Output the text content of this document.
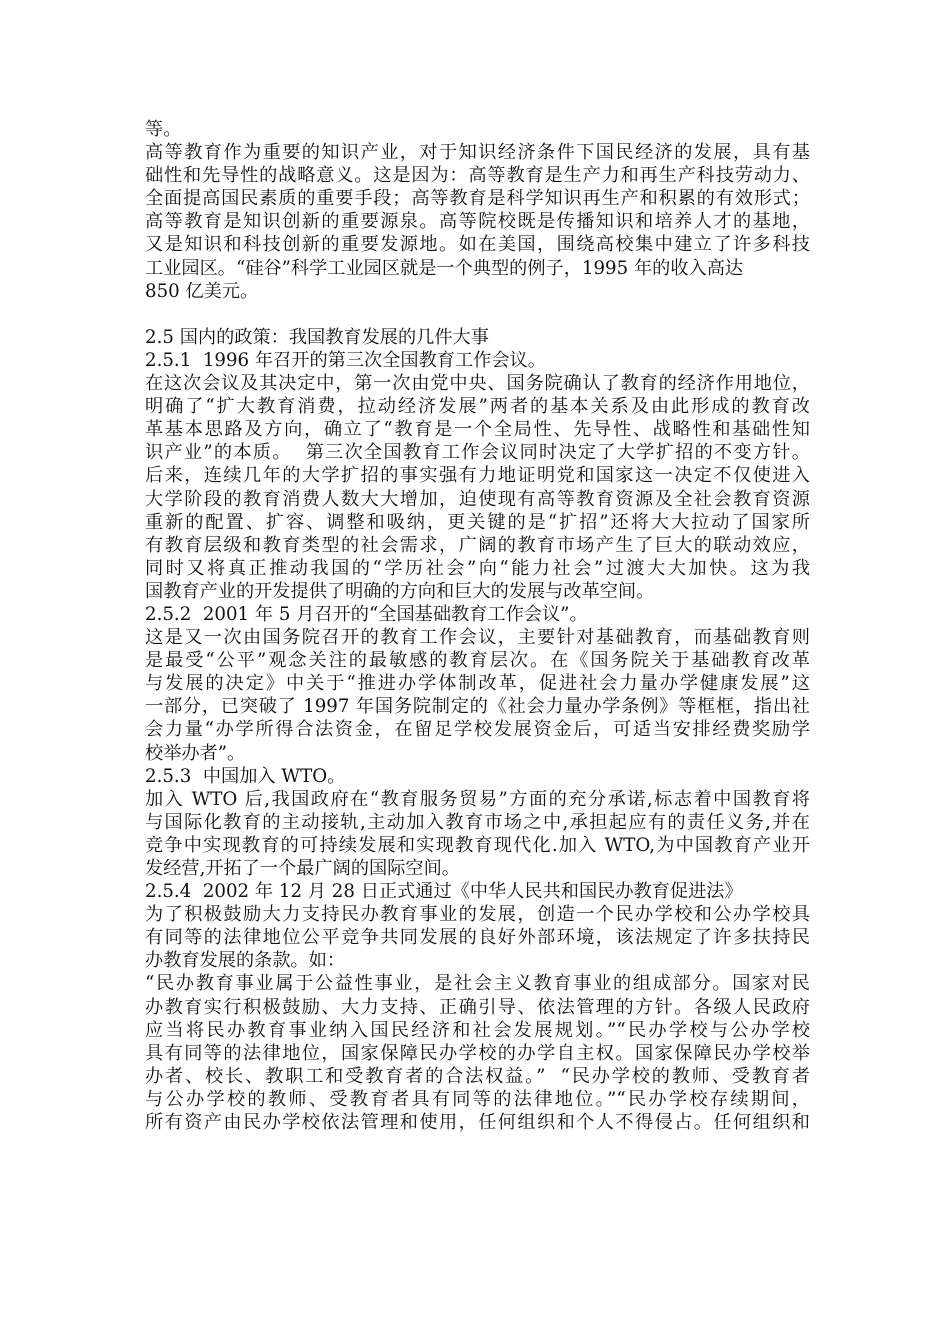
等。
高等教育作为重要的知识产业，对于知识经济条件下国民经济的发展，具有基
础性和先导性的战略意义。这是因为：高等教育是生产力和再生产科技劳动力、
全面提高国民素质的重要手段；高等教育是科学知识再生产和积累的有效形式；
高等教育是知识创新的重要源泉。高等院校既是传播知识和培养人才的基地，
又是知识和科技创新的重要发源地。如在美国，围绕高校集中建立了许多科技
工业园区。“硅谷”科学工业园区就是一个典型的例子，1995 年的收入高达
850 亿美元。
2.5 国内的政策：我国教育发展的几件大事
2.5.1  1996 年召开的第三次全国教育工作会议。
在这次会议及其决定中，第一次由党中央、国务院确认了教育的经济作用地位，
明确了“扩大教育消费，拉动经济发展”两者的基本关系及由此形成的教育改
革基本思路及方向，确立了“教育是一个全局性、先导性、战略性和基础性知
识产业”的本质。  第三次全国教育工作会议同时决定了大学扩招的不变方针。
后来，连续几年的大学扩招的事实强有力地证明党和国家这一决定不仅使进入
大学阶段的教育消费人数大大增加，迫使现有高等教育资源及全社会教育资源
重新的配置、扩容、调整和吸纳，更关键的是“扩招”还将大大拉动了国家所
有教育层级和教育类型的社会需求，广阔的教育市场产生了巨大的联动效应，
同时又将真正推动我国的“学历社会”向“能力社会”过渡大大加快。这为我
国教育产业的开发提供了明确的方向和巨大的发展与改革空间。
2.5.2  2001 年 5 月召开的“全国基础教育工作会议”。
这是又一次由国务院召开的教育工作会议，主要针对基础教育，而基础教育则
是最受“公平”观念关注的最敏感的教育层次。在《国务院关于基础教育改革
与发展的决定》中关于“推进办学体制改革，促进社会力量办学健康发展”这
一部分，已突破了 1997 年国务院制定的《社会力量办学条例》等框框，指出社
会力量“办学所得合法资金，在留足学校发展资金后，可适当安排经费奖励学
校举办者”。
2.5.3  中国加入 WTO。
加入 WTO 后,我国政府在“教育服务贸易”方面的充分承诺,标志着中国教育将
与国际化教育的主动接轨,主动加入教育市场之中,承担起应有的责任义务,并在
竞争中实现教育的可持续发展和实现教育现代化.加入 WTO,为中国教育产业开
发经营,开拓了一个最广阔的国际空间。
2.5.4  2002 年 12 月 28 日正式通过《中华人民共和国民办教育促进法》
为了积极鼓励大力支持民办教育事业的发展，创造一个民办学校和公办学校具
有同等的法律地位公平竞争共同发展的良好外部环境，该法规定了许多扶持民
办教育发展的条款。如：
“民办教育事业属于公益性事业，是社会主义教育事业的组成部分。国家对民
办教育实行积极鼓励、大力支持、正确引导、依法管理的方针。各级人民政府
应当将民办教育事业纳入国民经济和社会发展规划。”“民办学校与公办学校
具有同等的法律地位，国家保障民办学校的办学自主权。国家保障民办学校举
办者、校长、教职工和受教育者的合法权益。”  “民办学校的教师、受教育者
与公办学校的教师、受教育者具有同等的法律地位。”“民办学校存续期间，
所有资产由民办学校依法管理和使用，任何组织和个人不得侵占。任何组织和
